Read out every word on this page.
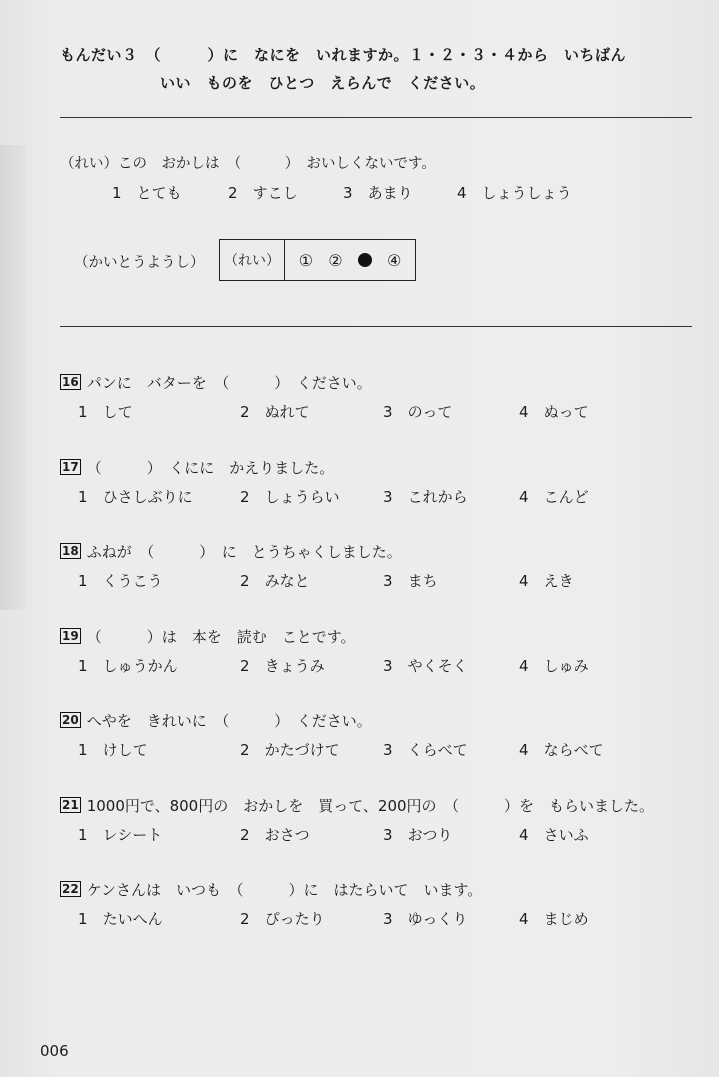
もんだい３　（　　　）に　なにを　いれますか。１・２・３・４から　いちばん
いい　ものを　ひとつ　えらんで　ください。
（れい）この　おかしは　（　　　）　おいしくないです。
1　 とても	2　 すこし	3　 あまり	4　 しょうしょう
（かいとうようし） （れい）	① ②	④
16 パンに　バターを　（　　　）　ください。
1　 して	2　 ぬれて	3　 のって	4　 ぬって
17 （　　　）　くにに　かえりました。
1　 ひさしぶりに	2　 しょうらい	3　 これから	4　 こんど
18 ふねが　（　　　）　に　とうちゃくしました。
1　 くうこう	2　 みなと	3　 まち	4　 えき
19 （　　　）は　本を　読む　ことです。
1　 しゅうかん	2　 きょうみ	3　 やくそく	4　 しゅみ
20 へやを　きれいに　（　　　）　ください。
1　 けして	2　 かたづけて	3　 くらべて	4　 ならべて
21 1000円で、800円の　おかしを　買って、200円の　（　　　）を　もらいました。
1　 レシート	2　 おさつ	3　 おつり	4　 さいふ
22 ケンさんは　いつも　（　　　）に　はたらいて　います。
1　 たいへん	2　 ぴったり	3　 ゆっくり	4　 まじめ
006
